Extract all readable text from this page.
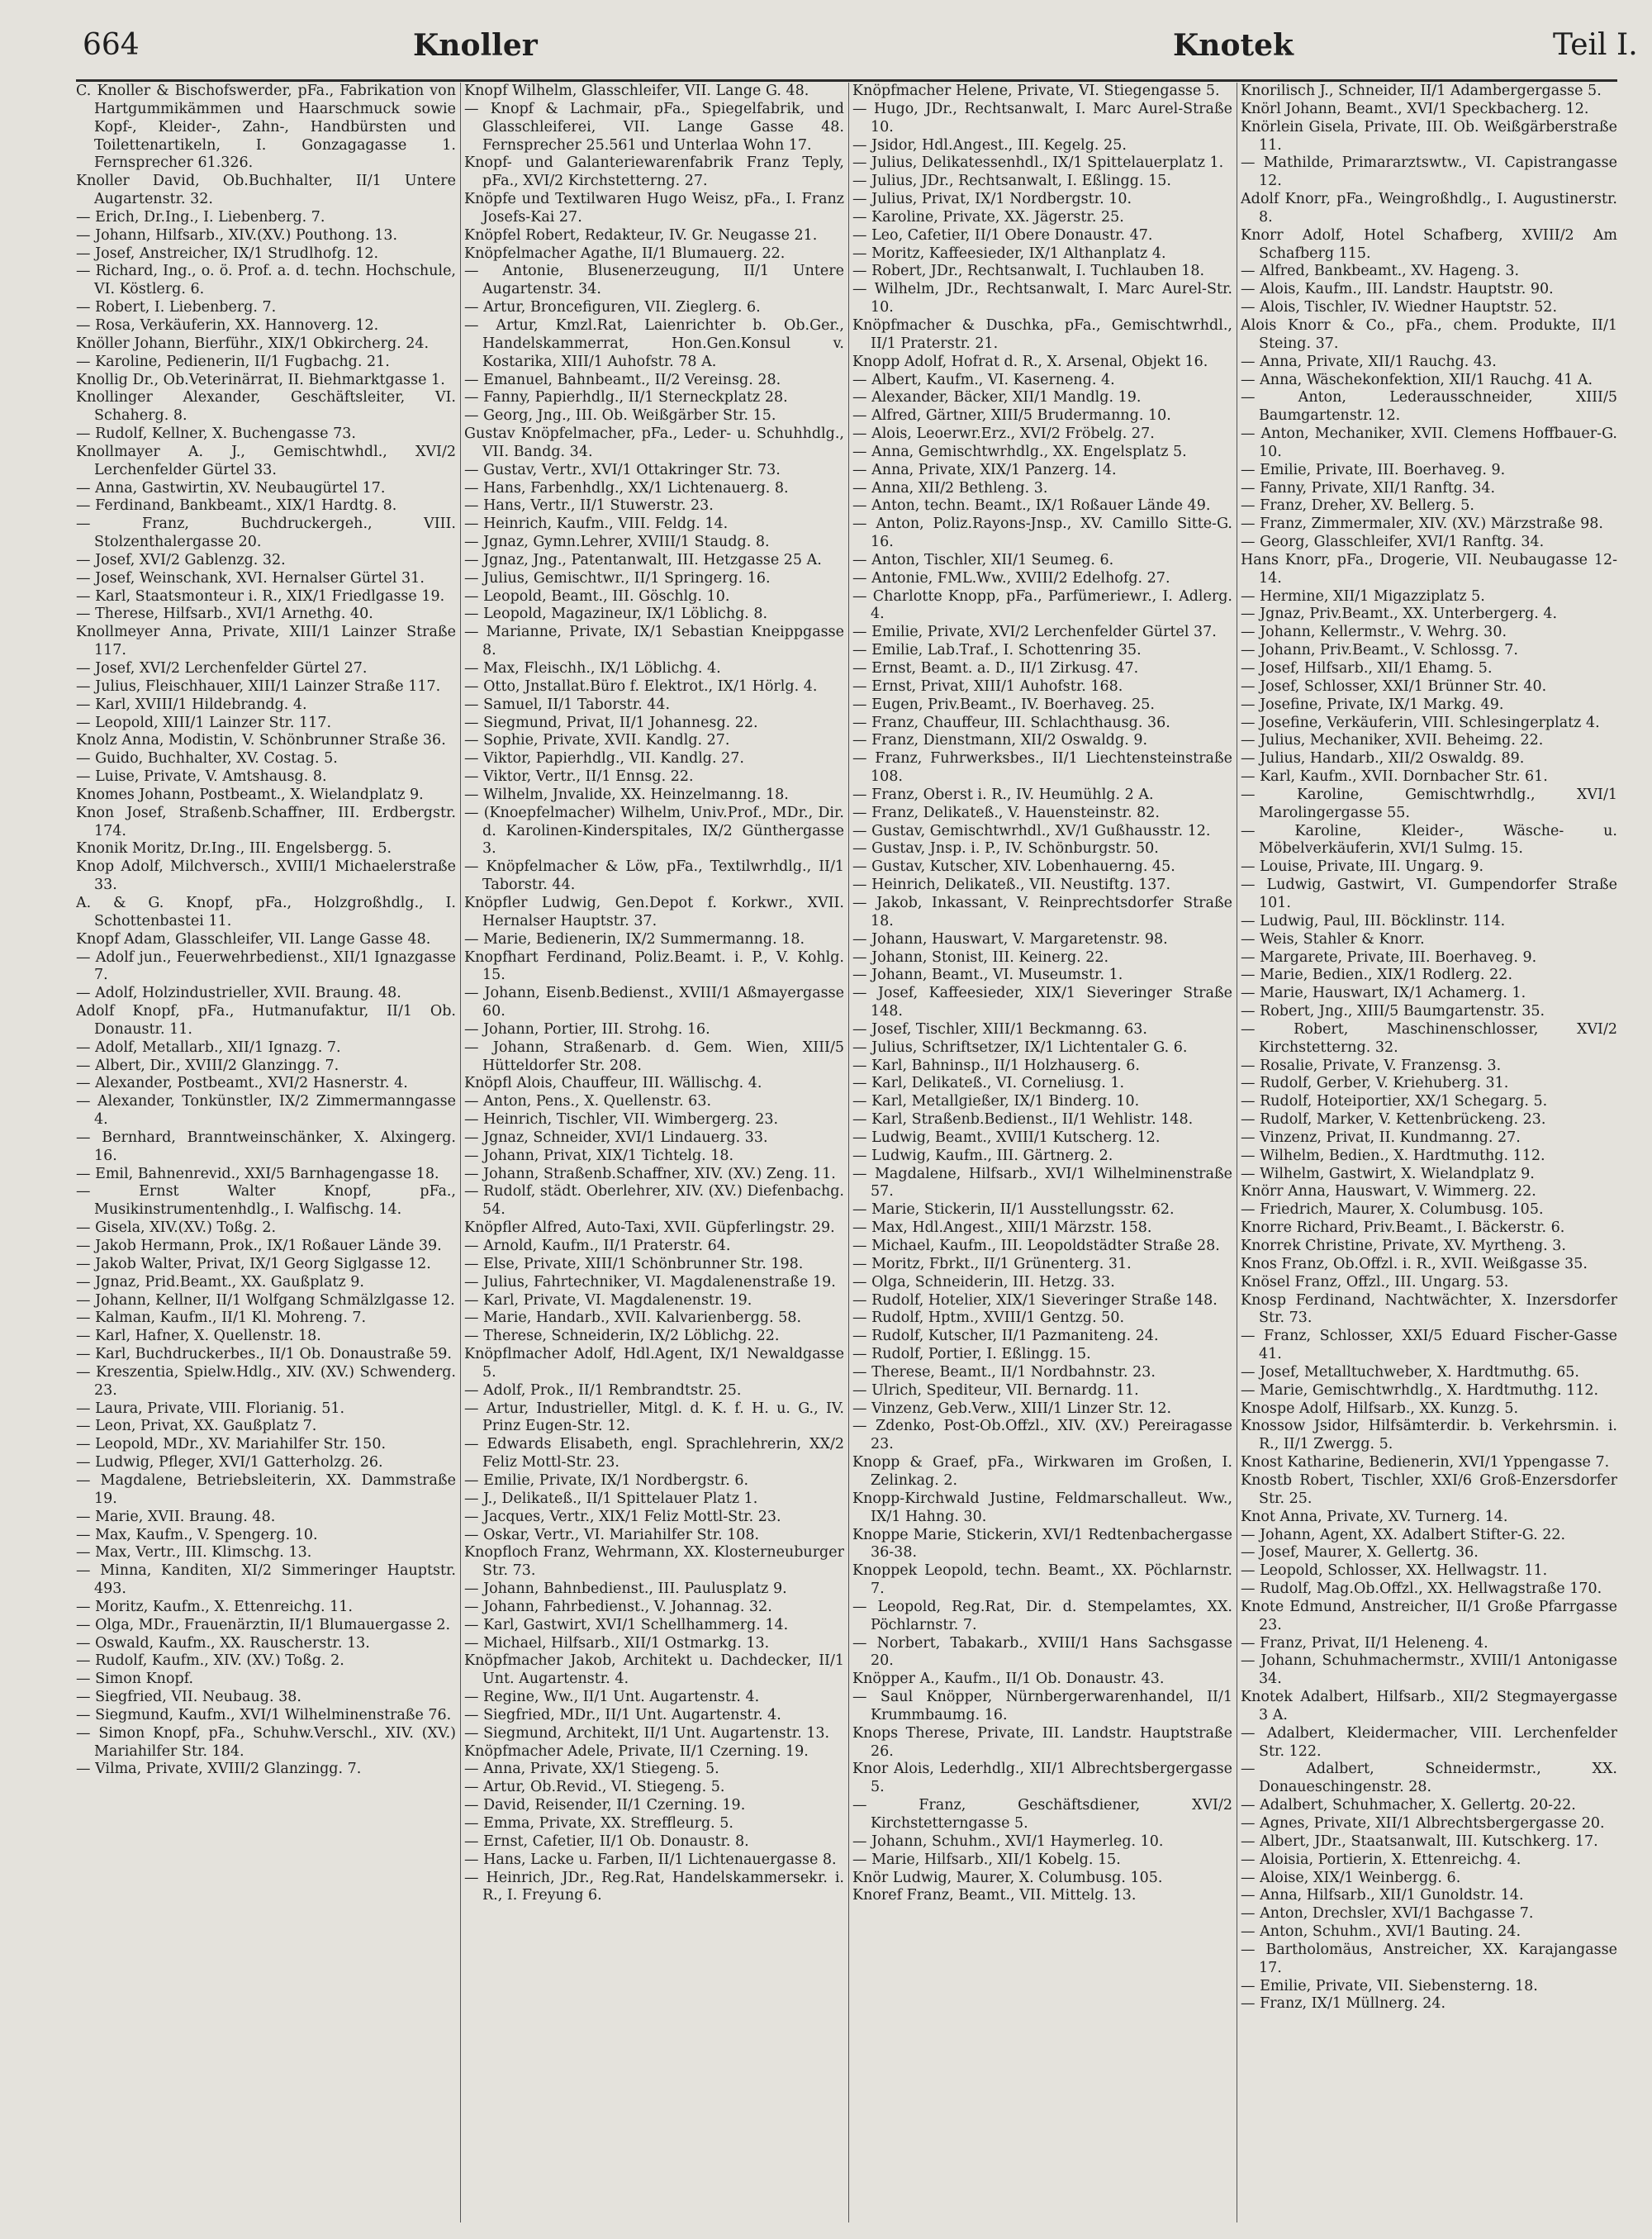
664	Knoller	Knotek	Teil I.

C. Knoller & Bischofswerder, pFa., Fabrikation von Hartgummikämmen und Haarschmuck sowie Kopf-, Kleider-, Zahn-, Handbürsten und Toilettenartikeln, I. Gonzagagasse 1. Fernsprecher 61.326.

Knoller David, Ob.Buchhalter, II/1 Untere Augartenstr. 32.

— Erich, Dr.Ing., I. Liebenberg. 7.

— Johann, Hilfsarb., XIV.(XV.) Pouthong. 13.

— Josef, Anstreicher, IX/1 Strudlhofg. 12.

— Richard, Ing., o. ö. Prof. a. d. techn. Hochschule, VI. Köstlerg. 6.

— Robert, I. Liebenberg. 7.

— Rosa, Verkäuferin, XX. Hannoverg. 12.

Knöller Johann, Bierführ., XIX/1 Obkircherg. 24.

— Karoline, Pedienerin, II/1 Fugbachg. 21.

Knollig Dr., Ob.Veterinärrat, II. Biehmarktgasse 1.

Knollinger Alexander, Geschäftsleiter, VI. Schaherg. 8.

— Rudolf, Kellner, X. Buchengasse 73.

Knollmayer A. J., Gemischtwhdl., XVI/2 Lerchenfelder Gürtel 33.

— Anna, Gastwirtin, XV. Neubaugürtel 17.

— Ferdinand, Bankbeamt., XIX/1 Hardtg. 8.

— Franz, Buchdruckergeh., VIII. Stolzenthalergasse 20.

— Josef, XVI/2 Gablenzg. 32.

— Josef, Weinschank, XVI. Hernalser Gürtel 31.

— Karl, Staatsmonteur i. R., XIX/1 Friedlgasse 19.

— Therese, Hilfsarb., XVI/1 Arnethg. 40.

Knollmeyer Anna, Private, XIII/1 Lainzer Straße 117.

— Josef, XVI/2 Lerchenfelder Gürtel 27.

— Julius, Fleischhauer, XIII/1 Lainzer Straße 117.

— Karl, XVIII/1 Hildebrandg. 4.

— Leopold, XIII/1 Lainzer Str. 117.

Knolz Anna, Modistin, V. Schönbrunner Straße 36.

— Guido, Buchhalter, XV. Costag. 5.

— Luise, Private, V. Amtshausg. 8.

Knomes Johann, Postbeamt., X. Wielandplatz 9.

Knon Josef, Straßenb.Schaffner, III. Erdbergstr. 174.

Knonik Moritz, Dr.Ing., III. Engelsbergg. 5.

Knop Adolf, Milchversch., XVIII/1 Michaelerstraße 33.

A. & G. Knopf, pFa., Holzgroßhdlg., I. Schottenbastei 11.

Knopf Adam, Glasschleifer, VII. Lange Gasse 48.

— Adolf jun., Feuerwehrbedienst., XII/1 Ignazgasse 7.

— Adolf, Holzindustrieller, XVII. Braung. 48.

Adolf Knopf, pFa., Hutmanufaktur, II/1 Ob. Donaustr. 11.

— Adolf, Metallarb., XII/1 Ignazg. 7.

— Albert, Dir., XVIII/2 Glanzingg. 7.

— Alexander, Postbeamt., XVI/2 Hasnerstr. 4.

— Alexander, Tonkünstler, IX/2 Zimmermanngasse 4.

— Bernhard, Branntweinschänker, X. Alxingerg. 16.

— Emil, Bahnenrevid., XXI/5 Barnhagengasse 18.

— Ernst Walter Knopf, pFa., Musikinstrumentenhdlg., I. Walfischg. 14.

— Gisela, XIV.(XV.) Toßg. 2.

— Jakob Hermann, Prok., IX/1 Roßauer Lände 39.

— Jakob Walter, Privat, IX/1 Georg Siglgasse 12.

— Jgnaz, Prid.Beamt., XX. Gaußplatz 9.

— Johann, Kellner, II/1 Wolfgang Schmälzlgasse 12.

— Kalman, Kaufm., II/1 Kl. Mohreng. 7.

— Karl, Hafner, X. Quellenstr. 18.

— Karl, Buchdruckerbes., II/1 Ob. Donaustraße 59.

— Kreszentia, Spielw.Hdlg., XIV. (XV.) Schwenderg. 23.

— Laura, Private, VIII. Florianig. 51.

— Leon, Privat, XX. Gaußplatz 7.

— Leopold, MDr., XV. Mariahilfer Str. 150.

— Ludwig, Pfleger, XVI/1 Gatterholzg. 26.

— Magdalene, Betriebsleiterin, XX. Dammstraße 19.

— Marie, XVII. Braung. 48.

— Max, Kaufm., V. Spengerg. 10.

— Max, Vertr., III. Klimschg. 13.

— Minna, Kanditen, XI/2 Simmeringer Hauptstr. 493.

— Moritz, Kaufm., X. Ettenreichg. 11.

— Olga, MDr., Frauenärztin, II/1 Blumauergasse 2.

— Oswald, Kaufm., XX. Rauscherstr. 13.

— Rudolf, Kaufm., XIV. (XV.) Toßg. 2.

— Simon Knopf.

— Siegfried, VII. Neubaug. 38.

— Siegmund, Kaufm., XVI/1 Wilhelminenstraße 76.

— Simon Knopf, pFa., Schuhw.Verschl., XIV. (XV.) Mariahilfer Str. 184.

— Vilma, Private, XVIII/2 Glanzingg. 7.

Knopf Wilhelm, Glasschleifer, VII. Lange G. 48.

— Knopf & Lachmair, pFa., Spiegelfabrik, und Glasschleiferei, VII. Lange Gasse 48. Fernsprecher 25.561 und Unterlaa Wohn 17.

Knopf- und Galanteriewarenfabrik Franz Teply, pFa., XVI/2 Kirchstetterng. 27.

Knöpfe und Textilwaren Hugo Weisz, pFa., I. Franz Josefs-Kai 27.

Knöpfel Robert, Redakteur, IV. Gr. Neugasse 21.

Knöpfelmacher Agathe, II/1 Blumauerg. 22.

— Antonie, Blusenerzeugung, II/1 Untere Augartenstr. 34.

— Artur, Broncefiguren, VII. Zieglerg. 6.

— Artur, Kmzl.Rat, Laienrichter b. Ob.Ger., Handelskammerrat, Hon.Gen.Konsul v. Kostarika, XIII/1 Auhofstr. 78 A.

— Emanuel, Bahnbeamt., II/2 Vereinsg. 28.

— Fanny, Papierhdlg., II/1 Sterneckplatz 28.

— Georg, Jng., III. Ob. Weißgärber Str. 15.

Gustav Knöpfelmacher, pFa., Leder- u. Schuhhdlg., VII. Bandg. 34.

— Gustav, Vertr., XVI/1 Ottakringer Str. 73.

— Hans, Farbenhdlg., XX/1 Lichtenauerg. 8.

— Hans, Vertr., II/1 Stuwerstr. 23.

— Heinrich, Kaufm., VIII. Feldg. 14.

— Jgnaz, Gymn.Lehrer, XVIII/1 Staudg. 8.

— Jgnaz, Jng., Patentanwalt, III. Hetzgasse 25 A.

— Julius, Gemischtwr., II/1 Springerg. 16.

— Leopold, Beamt., III. Göschlg. 10.

— Leopold, Magazineur, IX/1 Löblichg. 8.

— Marianne, Private, IX/1 Sebastian Kneippgasse 8.

— Max, Fleischh., IX/1 Löblichg. 4.

— Otto, Jnstallat.Büro f. Elektrot., IX/1 Hörlg. 4.

— Samuel, II/1 Taborstr. 44.

— Siegmund, Privat, II/1 Johannesg. 22.

— Sophie, Private, XVII. Kandlg. 27.

— Viktor, Papierhdlg., VII. Kandlg. 27.

— Viktor, Vertr., II/1 Ennsg. 22.

— Wilhelm, Jnvalide, XX. Heinzelmanng. 18.

— (Knoepfelmacher) Wilhelm, Univ.Prof., MDr., Dir. d. Karolinen-Kinderspitales, IX/2 Günthergasse 3.

— Knöpfelmacher & Löw, pFa., Textilwrhdlg., II/1 Taborstr. 44.

Knöpfler Ludwig, Gen.Depot f. Korkwr., XVII. Hernalser Hauptstr. 37.

— Marie, Bedienerin, IX/2 Summermanng. 18.

Knopfhart Ferdinand, Poliz.Beamt. i. P., V. Kohlg. 15.

— Johann, Eisenb.Bedienst., XVIII/1 Aßmayergasse 60.

— Johann, Portier, III. Strohg. 16.

— Johann, Straßenarb. d. Gem. Wien, XIII/5 Hütteldorfer Str. 208.

Knöpfl Alois, Chauffeur, III. Wällischg. 4.

— Anton, Pens., X. Quellenstr. 63.

— Heinrich, Tischler, VII. Wimbergerg. 23.

— Jgnaz, Schneider, XVI/1 Lindauerg. 33.

— Johann, Privat, XIX/1 Tichtelg. 18.

— Johann, Straßenb.Schaffner, XIV. (XV.) Zeng. 11.

— Rudolf, städt. Oberlehrer, XIV. (XV.) Diefenbachg. 54.

Knöpfler Alfred, Auto-Taxi, XVII. Güpferlingstr. 29.

— Arnold, Kaufm., II/1 Praterstr. 64.

— Else, Private, XIII/1 Schönbrunner Str. 198.

— Julius, Fahrtechniker, VI. Magdalenenstraße 19.

— Karl, Private, VI. Magdalenenstr. 19.

— Marie, Handarb., XVII. Kalvarienbergg. 58.

— Therese, Schneiderin, IX/2 Löblichg. 22.

Knöpflmacher Adolf, Hdl.Agent, IX/1 Newaldgasse 5.

— Adolf, Prok., II/1 Rembrandtstr. 25.

— Artur, Industrieller, Mitgl. d. K. f. H. u. G., IV. Prinz Eugen-Str. 12.

— Edwards Elisabeth, engl. Sprachlehrerin, XX/2 Feliz Mottl-Str. 23.

— Emilie, Private, IX/1 Nordbergstr. 6.

— J., Delikateß., II/1 Spittelauer Platz 1.

— Jacques, Vertr., XIX/1 Feliz Mottl-Str. 23.

— Oskar, Vertr., VI. Mariahilfer Str. 108.

Knopfloch Franz, Wehrmann, XX. Klosterneuburger Str. 73.

— Johann, Bahnbedienst., III. Paulusplatz 9.

— Johann, Fahrbedienst., V. Johannag. 32.

— Karl, Gastwirt, XVI/1 Schellhammerg. 14.

— Michael, Hilfsarb., XII/1 Ostmarkg. 13.

Knöpfmacher Jakob, Architekt u. Dachdecker, II/1 Unt. Augartenstr. 4.

— Regine, Ww., II/1 Unt. Augartenstr. 4.

— Siegfried, MDr., II/1 Unt. Augartenstr. 4.

— Siegmund, Architekt, II/1 Unt. Augartenstr. 13.

Knöpfmacher Adele, Private, II/1 Czerning. 19.

— Anna, Private, XX/1 Stiegeng. 5.

— Artur, Ob.Revid., VI. Stiegeng. 5.

— David, Reisender, II/1 Czerning. 19.

— Emma, Private, XX. Streffleurg. 5.

— Ernst, Cafetier, II/1 Ob. Donaustr. 8.

— Hans, Lacke u. Farben, II/1 Lichtenauergasse 8.

— Heinrich, JDr., Reg.Rat, Handelskammersekr. i. R., I. Freyung 6.

Knöpfmacher Helene, Private, VI. Stiegengasse 5.

— Hugo, JDr., Rechtsanwalt, I. Marc Aurel-Straße 10.

— Jsidor, Hdl.Angest., III. Kegelg. 25.

— Julius, Delikatessenhdl., IX/1 Spittelauerplatz 1.

— Julius, JDr., Rechtsanwalt, I. Eßlingg. 15.

— Julius, Privat, IX/1 Nordbergstr. 10.

— Karoline, Private, XX. Jägerstr. 25.

— Leo, Cafetier, II/1 Obere Donaustr. 47.

— Moritz, Kaffeesieder, IX/1 Althanplatz 4.

— Robert, JDr., Rechtsanwalt, I. Tuchlauben 18.

— Wilhelm, JDr., Rechtsanwalt, I. Marc Aurel-Str. 10.

Knöpfmacher & Duschka, pFa., Gemischtwrhdl., II/1 Praterstr. 21.

Knopp Adolf, Hofrat d. R., X. Arsenal, Objekt 16.

— Albert, Kaufm., VI. Kaserneng. 4.

— Alexander, Bäcker, XII/1 Mandlg. 19.

— Alfred, Gärtner, XIII/5 Brudermanng. 10.

— Alois, Leoerwr.Erz., XVI/2 Fröbelg. 27.

— Anna, Gemischtwrhdlg., XX. Engelsplatz 5.

— Anna, Private, XIX/1 Panzerg. 14.

— Anna, XII/2 Bethleng. 3.

— Anton, techn. Beamt., IX/1 Roßauer Lände 49.

— Anton, Poliz.Rayons-Jnsp., XV. Camillo Sitte-G. 16.

— Anton, Tischler, XII/1 Seumeg. 6.

— Antonie, FML.Ww., XVIII/2 Edelhofg. 27.

— Charlotte Knopp, pFa., Parfümeriewr., I. Adlerg. 4.

— Emilie, Private, XVI/2 Lerchenfelder Gürtel 37.

— Emilie, Lab.Traf., I. Schottenring 35.

— Ernst, Beamt. a. D., II/1 Zirkusg. 47.

— Ernst, Privat, XIII/1 Auhofstr. 168.

— Eugen, Priv.Beamt., IV. Boerhaveg. 25.

— Franz, Chauffeur, III. Schlachthausg. 36.

— Franz, Dienstmann, XII/2 Oswaldg. 9.

— Franz, Fuhrwerksbes., II/1 Liechtensteinstraße 108.

— Franz, Oberst i. R., IV. Heumühlg. 2 A.

— Franz, Delikateß., V. Hauensteinstr. 82.

— Gustav, Gemischtwrhdl., XV/1 Gußhausstr. 12.

— Gustav, Jnsp. i. P., IV. Schönburgstr. 50.

— Gustav, Kutscher, XIV. Lobenhauerng. 45.

— Heinrich, Delikateß., VII. Neustiftg. 137.

— Jakob, Inkassant, V. Reinprechtsdorfer Straße 18.

— Johann, Hauswart, V. Margaretenstr. 98.

— Johann, Stonist, III. Keinerg. 22.

— Johann, Beamt., VI. Museumstr. 1.

— Josef, Kaffeesieder, XIX/1 Sieveringer Straße 148.

— Josef, Tischler, XIII/1 Beckmanng. 63.

— Julius, Schriftsetzer, IX/1 Lichtentaler G. 6.

— Karl, Bahninsp., II/1 Holzhauserg. 6.

— Karl, Delikateß., VI. Corneliusg. 1.

— Karl, Metallgießer, IX/1 Binderg. 10.

— Karl, Straßenb.Bedienst., II/1 Wehlistr. 148.

— Ludwig, Beamt., XVIII/1 Kutscherg. 12.

— Ludwig, Kaufm., III. Gärtnerg. 2.

— Magdalene, Hilfsarb., XVI/1 Wilhelminenstraße 57.

— Marie, Stickerin, II/1 Ausstellungsstr. 62.

— Max, Hdl.Angest., XIII/1 Märzstr. 158.

— Michael, Kaufm., III. Leopoldstädter Straße 28.

— Moritz, Fbrkt., II/1 Grünenterg. 31.

— Olga, Schneiderin, III. Hetzg. 33.

— Rudolf, Hotelier, XIX/1 Sieveringer Straße 148.

— Rudolf, Hptm., XVIII/1 Gentzg. 50.

— Rudolf, Kutscher, II/1 Pazmaniteng. 24.

— Rudolf, Portier, I. Eßlingg. 15.

— Therese, Beamt., II/1 Nordbahnstr. 23.

— Ulrich, Spediteur, VII. Bernardg. 11.

— Vinzenz, Geb.Verw., XIII/1 Linzer Str. 12.

— Zdenko, Post-Ob.Offzl., XIV. (XV.) Pereiragasse 23.

Knopp & Graef, pFa., Wirkwaren im Großen, I. Zelinkag. 2.

Knopp-Kirchwald Justine, Feldmarschalleut. Ww., IX/1 Hahng. 30.

Knoppe Marie, Stickerin, XVI/1 Redtenbachergasse 36-38.

Knoppek Leopold, techn. Beamt., XX. Pöchlarnstr. 7.

— Leopold, Reg.Rat, Dir. d. Stempelamtes, XX. Pöchlarnstr. 7.

— Norbert, Tabakarb., XVIII/1 Hans Sachsgasse 20.

Knöpper A., Kaufm., II/1 Ob. Donaustr. 43.

— Saul Knöpper, Nürnbergerwarenhandel, II/1 Krummbaumg. 16.

Knops Therese, Private, III. Landstr. Hauptstraße 26.

Knor Alois, Lederhdlg., XII/1 Albrechtsbergergasse 5.

— Franz, Geschäftsdiener, XVI/2 Kirchstetterngasse 5.

— Johann, Schuhm., XVI/1 Haymerleg. 10.

— Marie, Hilfsarb., XII/1 Kobelg. 15.

Knör Ludwig, Maurer, X. Columbusg. 105.

Knoref Franz, Beamt., VII. Mittelg. 13.

Knorilisch J., Schneider, II/1 Adambergergasse 5.

Knörl Johann, Beamt., XVI/1 Speckbacherg. 12.

Knörlein Gisela, Private, III. Ob. Weißgärberstraße 11.

— Mathilde, Primararztswtw., VI. Capistrangasse 12.

Adolf Knorr, pFa., Weingroßhdlg., I. Augustinerstr. 8.

Knorr Adolf, Hotel Schafberg, XVIII/2 Am Schafberg 115.

— Alfred, Bankbeamt., XV. Hageng. 3.

— Alois, Kaufm., III. Landstr. Hauptstr. 90.

— Alois, Tischler, IV. Wiedner Hauptstr. 52.

Alois Knorr & Co., pFa., chem. Produkte, II/1 Steing. 37.

— Anna, Private, XII/1 Rauchg. 43.

— Anna, Wäschekonfektion, XII/1 Rauchg. 41 A.

— Anton, Lederausschneider, XIII/5 Baumgartenstr. 12.

— Anton, Mechaniker, XVII. Clemens Hoffbauer-G. 10.

— Emilie, Private, III. Boerhaveg. 9.

— Fanny, Private, XII/1 Ranftg. 34.

— Franz, Dreher, XV. Bellerg. 5.

— Franz, Zimmermaler, XIV. (XV.) Märzstraße 98.

— Georg, Glasschleifer, XVI/1 Ranftg. 34.

Hans Knorr, pFa., Drogerie, VII. Neubaugasse 12-14.

— Hermine, XII/1 Migazziplatz 5.

— Jgnaz, Priv.Beamt., XX. Unterbergerg. 4.

— Johann, Kellermstr., V. Wehrg. 30.

— Johann, Priv.Beamt., V. Schlossg. 7.

— Josef, Hilfsarb., XII/1 Ehamg. 5.

— Josef, Schlosser, XXI/1 Brünner Str. 40.

— Josefine, Private, IX/1 Markg. 49.

— Josefine, Verkäuferin, VIII. Schlesingerplatz 4.

— Julius, Mechaniker, XVII. Beheimg. 22.

— Julius, Handarb., XII/2 Oswaldg. 89.

— Karl, Kaufm., XVII. Dornbacher Str. 61.

— Karoline, Gemischtwrhdlg., XVI/1 Marolingergasse 55.

— Karoline, Kleider-, Wäsche- u. Möbelverkäuferin, XVI/1 Sulmg. 15.

— Louise, Private, III. Ungarg. 9.

— Ludwig, Gastwirt, VI. Gumpendorfer Straße 101.

— Ludwig, Paul, III. Böcklinstr. 114.

— Weis, Stahler & Knorr.

— Margarete, Private, III. Boerhaveg. 9.

— Marie, Bedien., XIX/1 Rodlerg. 22.

— Marie, Hauswart, IX/1 Achamerg. 1.

— Robert, Jng., XIII/5 Baumgartenstr. 35.

— Robert, Maschinenschlosser, XVI/2 Kirchstetterng. 32.

— Rosalie, Private, V. Franzensg. 3.

— Rudolf, Gerber, V. Kriehuberg. 31.

— Rudolf, Hoteiportier, XX/1 Schegarg. 5.

— Rudolf, Marker, V. Kettenbrückeng. 23.

— Vinzenz, Privat, II. Kundmanng. 27.

— Wilhelm, Bedien., X. Hardtmuthg. 112.

— Wilhelm, Gastwirt, X. Wielandplatz 9.

Knörr Anna, Hauswart, V. Wimmerg. 22.

— Friedrich, Maurer, X. Columbusg. 105.

Knorre Richard, Priv.Beamt., I. Bäckerstr. 6.

Knorrek Christine, Private, XV. Myrtheng. 3.

Knos Franz, Ob.Offzl. i. R., XVII. Weißgasse 35.

Knösel Franz, Offzl., III. Ungarg. 53.

Knosp Ferdinand, Nachtwächter, X. Inzersdorfer Str. 73.

— Franz, Schlosser, XXI/5 Eduard Fischer-Gasse 41.

— Josef, Metalltuchweber, X. Hardtmuthg. 65.

— Marie, Gemischtwrhdlg., X. Hardtmuthg. 112.

Knospe Adolf, Hilfsarb., XX. Kunzg. 5.

Knossow Jsidor, Hilfsämterdir. b. Verkehrsmin. i. R., II/1 Zwergg. 5.

Knost Katharine, Bedienerin, XVI/1 Yppengasse 7.

Knostb Robert, Tischler, XXI/6 Groß-Enzersdorfer Str. 25.

Knot Anna, Private, XV. Turnerg. 14.

— Johann, Agent, XX. Adalbert Stifter-G. 22.

— Josef, Maurer, X. Gellertg. 36.

— Leopold, Schlosser, XX. Hellwagstr. 11.

— Rudolf, Mag.Ob.Offzl., XX. Hellwagstraße 170.

Knote Edmund, Anstreicher, II/1 Große Pfarrgasse 23.

— Franz, Privat, II/1 Heleneng. 4.

— Johann, Schuhmachermstr., XVIII/1 Antonigasse 34.

Knotek Adalbert, Hilfsarb., XII/2 Stegmayergasse 3 A.

— Adalbert, Kleidermacher, VIII. Lerchenfelder Str. 122.

— Adalbert, Schneidermstr., XX. Donaueschingenstr. 28.

— Adalbert, Schuhmacher, X. Gellertg. 20-22.

— Agnes, Private, XII/1 Albrechtsbergergasse 20.

— Albert, JDr., Staatsanwalt, III. Kutschkerg. 17.

— Aloisia, Portierin, X. Ettenreichg. 4.

— Aloise, XIX/1 Weinbergg. 6.

— Anna, Hilfsarb., XII/1 Gunoldstr. 14.

— Anton, Drechsler, XVI/1 Bachgasse 7.

— Anton, Schuhm., XVI/1 Bauting. 24.

— Bartholomäus, Anstreicher, XX. Karajangasse 17.

— Emilie, Private, VII. Siebensterng. 18.

— Franz, IX/1 Müllnerg. 24.
